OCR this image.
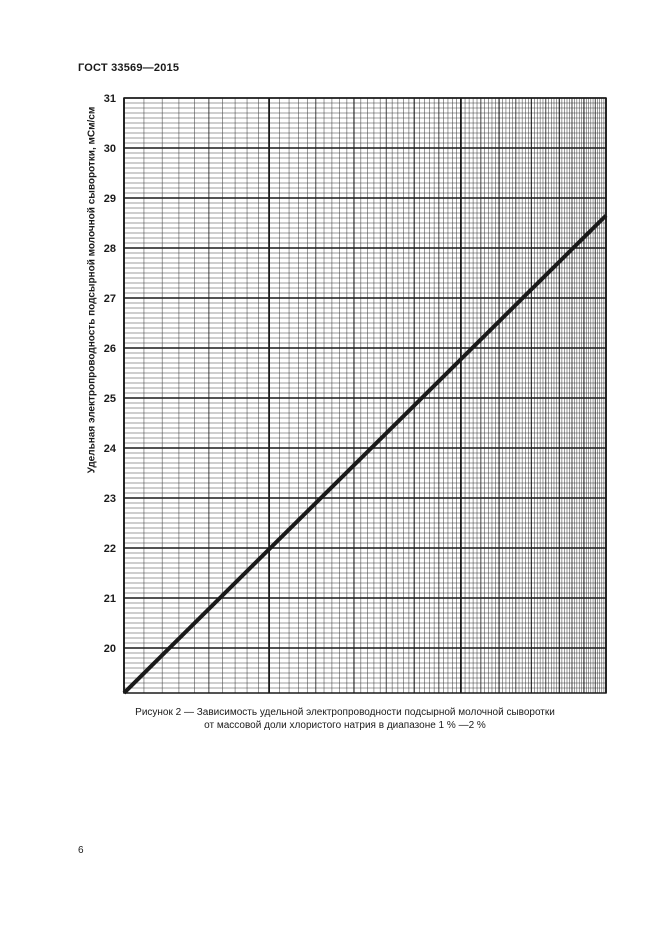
ГОСТ 33569—2015
20
21
22
23
24
25
26
27
28
29
30
31
Удельная электропроводность подсырной молочной сыворотки, мСм/см
Рисунок 2 — Зависимость удельной электропроводности подсырной молочной сыворотки
от массовой доли хлористого натрия в диапазоне 1 % —2 %
6
